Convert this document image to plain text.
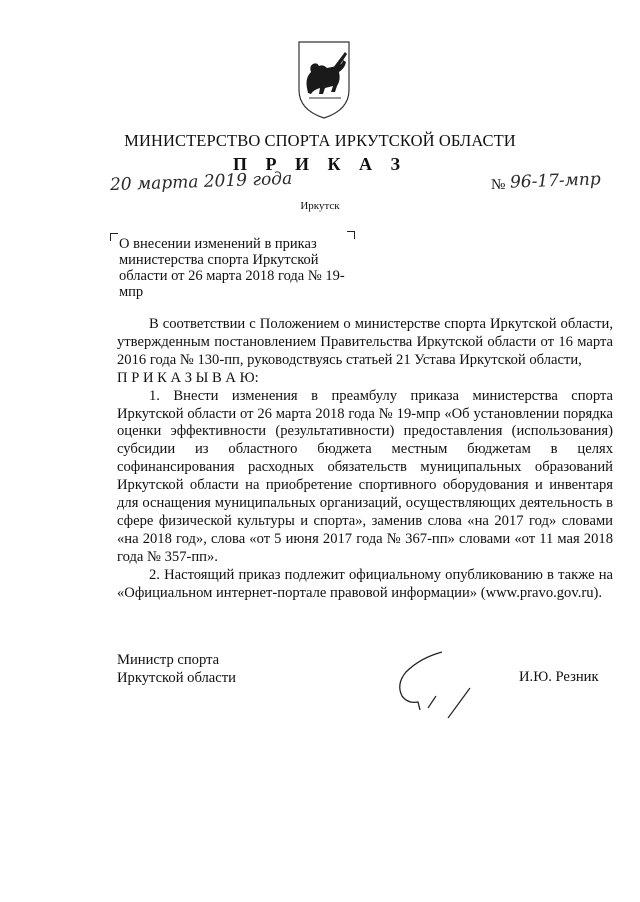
МИНИСТЕРСТВО СПОРТА ИРКУТСКОЙ ОБЛАСТИ
П Р И К А З
20 марта 2019 года	№ 96-17-мпр
Иркутск
О внесении изменений в приказ министерства спорта Иркутской области от 26 марта 2018 года № 19-мпр

В соответствии с Положением о министерстве спорта Иркутской области, утвержденным постановлением Правительства Иркутской области от 16 марта 2016 года № 130-пп, руководствуясь статьей 21 Устава Иркутской области,

П Р И К А З Ы В А Ю:

1. Внести изменения в преамбулу приказа министерства спорта Иркутской области от 26 марта 2018 года № 19-мпр «Об установлении порядка оценки эффективности (результативности) предоставления (использования) субсидии из областного бюджета местным бюджетам в целях софинансирования расходных обязательств муниципальных образований Иркутской области на приобретение спортивного оборудования и инвентаря для оснащения муниципальных организаций, осуществляющих деятельность в сфере физической культуры и спорта», заменив слова «на 2017 год» словами «на 2018 год», слова «от 5 июня 2017 года № 367-пп» словами «от 11 мая 2018 года № 357-пп».

2. Настоящий приказ подлежит официальному опубликованию в также на «Официальном интернет-портале правовой информации» (www.pravo.gov.ru).

Министр спорта
Иркутской области	И.Ю. Резник
